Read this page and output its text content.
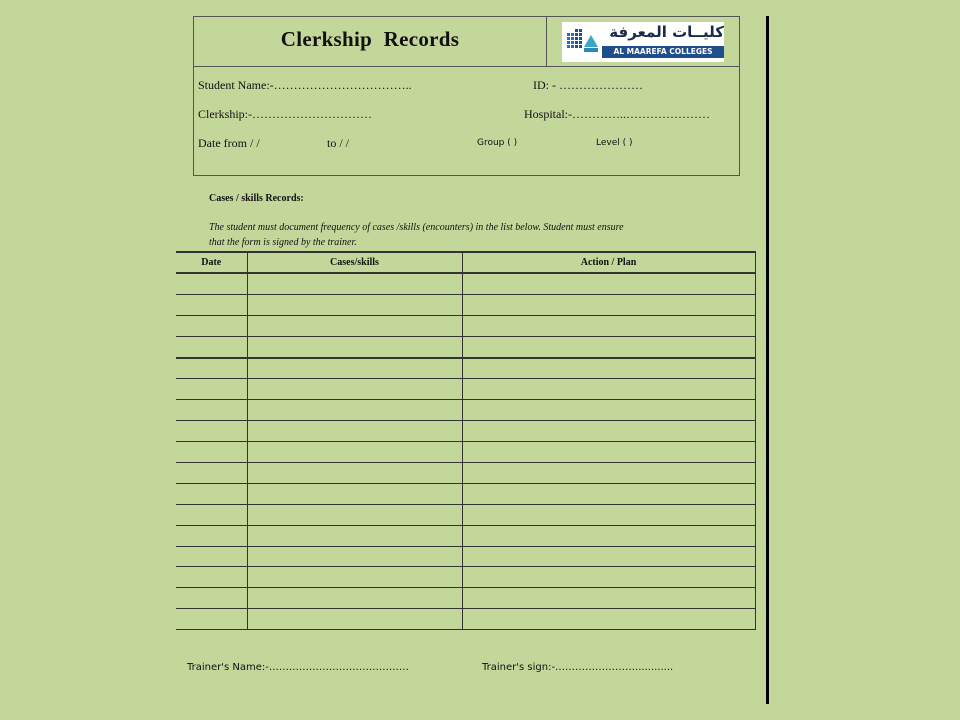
Clerkship Records	كليــات المعرفة
AL MAAREFA COLLEGES
Student Name:-……………………………..	ID: - …………………
Clerkship:-…………………………	Hospital:-…………..…………………
Date from / /	to / /	Group ( )	Level ( )
Cases / skills Records:
The student must document frequency of cases /skills (encounters) in the list below. Student must ensure
that the form is signed by the trainer.
Date	Cases/skills	Action / Plan

Trainer's Name:-……………………………………	Trainer's sign:-……………………............
